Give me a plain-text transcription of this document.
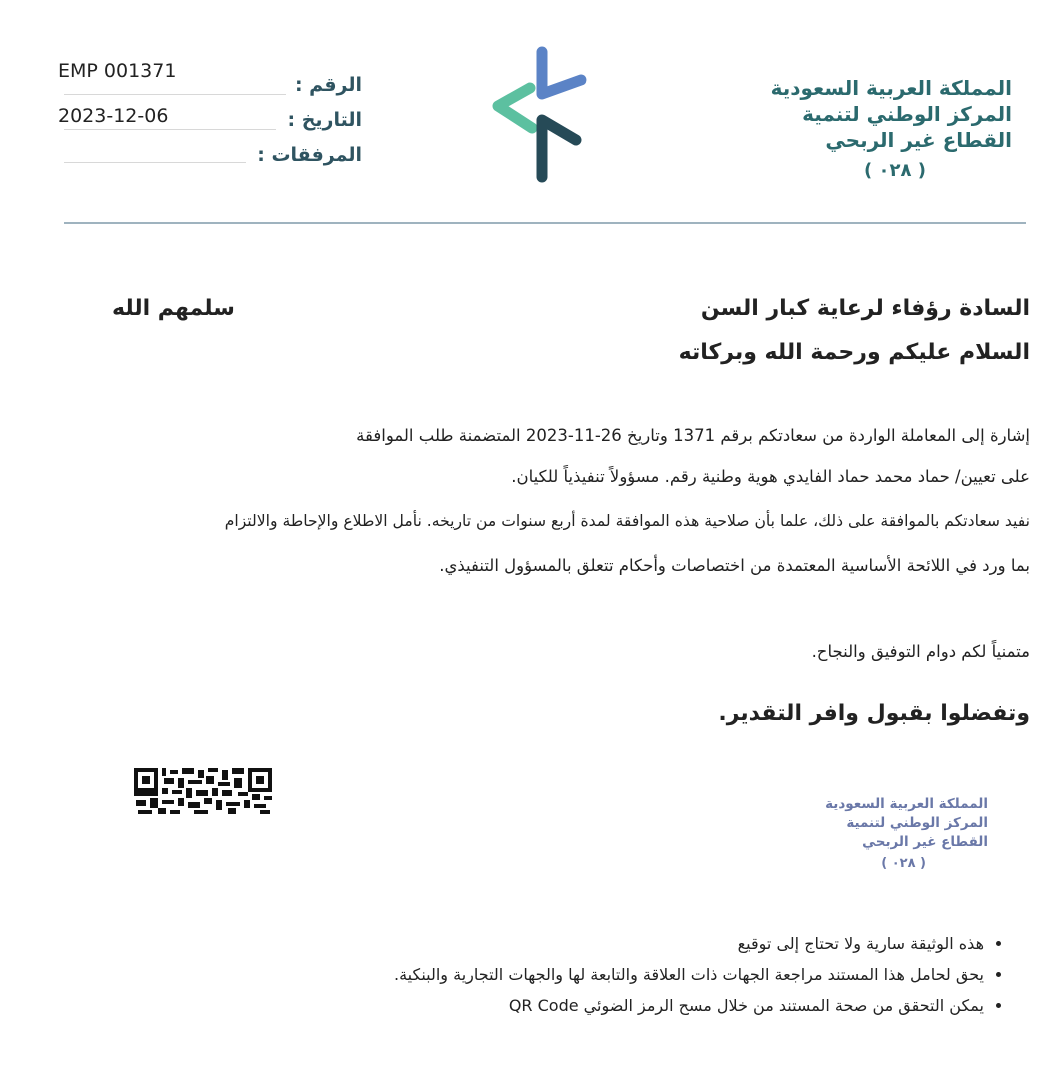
EMP 001371
الرقم :
2023-12-06	التاريخ :
المرفقات :
المملكة العربية السعودية
المركز الوطني لتنمية
القطاع غير الربحي
( ٠٢٨ )
السادة رؤفاء لرعاية كبار السن
سلمهم الله
السلام عليكم ورحمة الله وبركاته
إشارة إلى المعاملة الواردة من سعادتكم برقم 1371 وتاريخ 26-11-2023 المتضمنة طلب الموافقة
على تعيين/ حماد محمد حماد الفايدي هوية وطنية رقم. مسؤولاً تنفيذياً للكيان.
نفيد سعادتكم بالموافقة على ذلك، علما بأن صلاحية هذه الموافقة لمدة أربع سنوات من تاريخه. نأمل الاطلاع والإحاطة والالتزام
بما ورد في اللائحة الأساسية المعتمدة من اختصاصات وأحكام تتعلق بالمسؤول التنفيذي.
متمنياً لكم دوام التوفيق والنجاح.
وتفضلوا بقبول وافر التقدير.
المملكة العربية السعودية
المركز الوطني لتنمية
القطاع غير الربحي
( ٠٢٨ )
• هذه الوثيقة سارية ولا تحتاج إلى توقيع
• يحق لحامل هذا المستند مراجعة الجهات ذات العلاقة والتابعة لها والجهات التجارية والبنكية.
• يمكن التحقق من صحة المستند من خلال مسح الرمز الضوئي QR Code
